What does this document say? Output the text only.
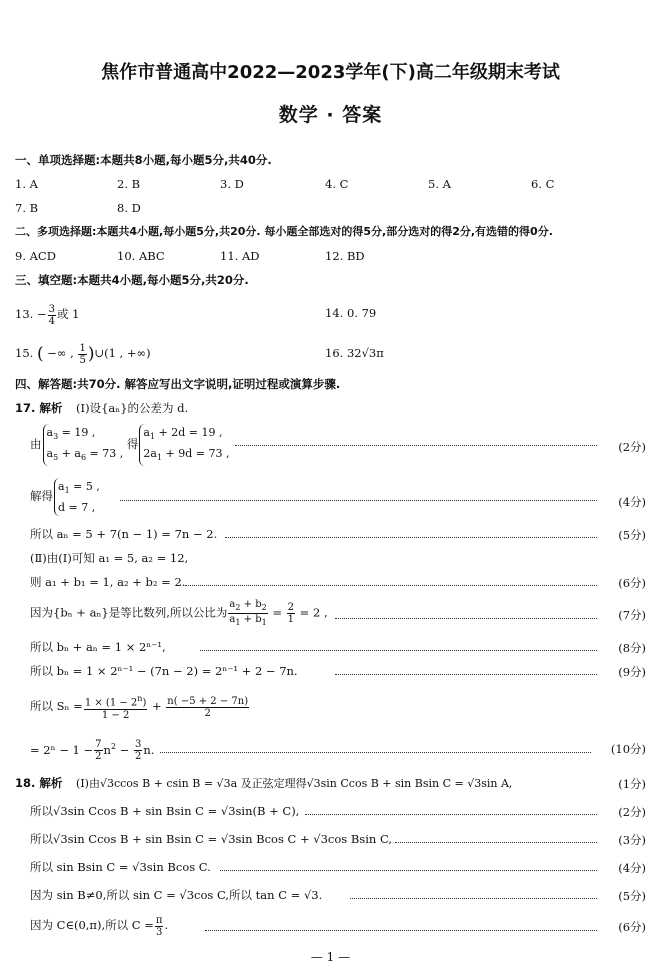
焦作市普通高中2022—2023学年(下)高二年级期末考试
数学 · 答案
一、单项选择题:本题共8小题,每小题5分,共40分.
1. A	2. B	3. D	4. C	5. A	6. C
7. B	8. D
二、多项选择题:本题共4小题,每小题5分,共20分. 每小题全部选对的得5分,部分选对的得2分,有选错的得0分.
9. ACD	10. ABC	11. AD	12. BD
三、填空题:本题共4小题,每小题5分,共20分.
13. − $\frac{3}{4}$ 或 1	14. 0. 79
15. ( −∞ , $\frac{1}{5}$ )∪(1 , +∞)	16. 32√3π
四、解答题:共70分. 解答应写出文字说明,证明过程或演算步骤.
17. 解析 (Ⅰ)设{aₙ}的公差为 d.
由
$a_3 = 19$ ,
$a_5 + a_6 = 73$ ,
得
$a_1 + 2d = 19$ ,
$2a_1 + 9d = 73$ ,	(2分)
解得
$a_1 = 5$ ,
d = 7 ,	(4分)
所以 aₙ = 5 + 7(n − 1) = 7n − 2.	(5分)
(Ⅱ)由(Ⅰ)可知 a₁ = 5, a₂ = 12,
则 a₁ + b₁ = 1, a₂ + b₂ = 2.	(6分)
因为{bₙ + aₙ}是等比数列,所以公比为 $\frac{a_2 + b_2}{a_1 + b_1} = \frac{2}{1} = 2$ ,	(7分)
所以 bₙ + aₙ = 1 × 2ⁿ⁻¹,	(8分)
所以 bₙ = 1 × 2ⁿ⁻¹ − (7n − 2) = 2ⁿ⁻¹ + 2 − 7n.	(9分)
所以 $S_n = \frac{1 \times (1 - 2^n)}{1 - 2} + \frac{n( -5 + 2 - 7n)}{2}$
= $2^n - 1 - \frac{7}{2} n^2 - \frac{3}{2} n$.	(10分)
18. 解析 (Ⅰ)由√3ccos B + csin B = √3a 及正弦定理得√3sin Ccos B + sin Bsin C = √3sin A,	(1分)
所以√3sin Ccos B + sin Bsin C = √3sin(B + C),	(2分)
所以√3sin Ccos B + sin Bsin C = √3sin Bcos C + √3cos Bsin C,	(3分)
所以 sin Bsin C = √3sin Bcos C.	(4分)
因为 sin B≠0,所以 sin C = √3cos C,所以 tan C = √3.	(5分)
因为 C∈(0,π),所以 $C = \frac{\pi}{3}$ .	(6分)
— 1 —
